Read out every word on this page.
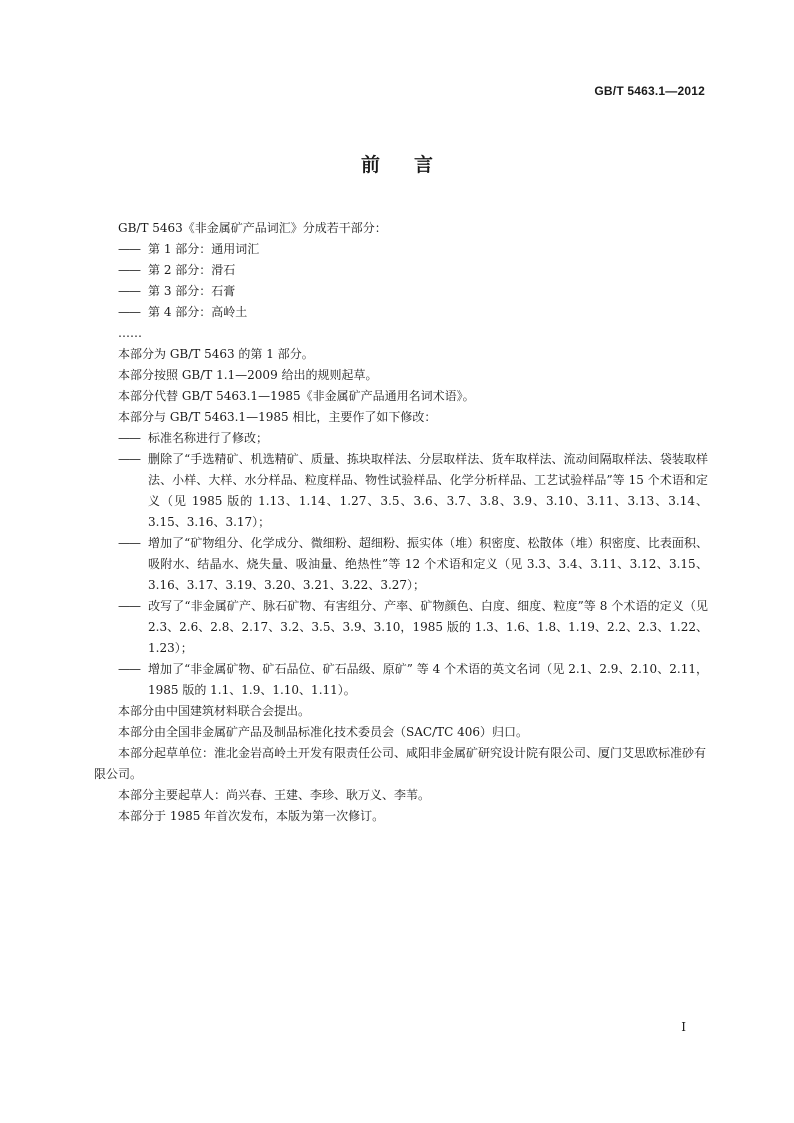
GB/T 5463.1—2012
前言

GB/T 5463《非金属矿产品词汇》分成若干部分：

—— 第 1 部分：通用词汇

—— 第 2 部分：滑石

—— 第 3 部分：石膏

—— 第 4 部分：高岭土

……

本部分为 GB/T 5463 的第 1 部分。

本部分按照 GB/T 1.1—2009 给出的规则起草。

本部分代替 GB/T 5463.1—1985《非金属矿产品通用名词术语》。

本部分与 GB/T 5463.1—1985 相比，主要作了如下修改：

—— 标准名称进行了修改；

—— 删除了“手选精矿、机选精矿、质量、拣块取样法、分层取样法、货车取样法、流动间隔取样法、袋装取样法、小样、大样、水分样品、粒度样品、物性试验样品、化学分析样品、工艺试验样品”等 15 个术语和定义（见 1985 版的 1.13、1.14、1.27、3.5、3.6、3.7、3.8、3.9、3.10、3.11、3.13、3.14、3.15、3.16、3.17）；

—— 增加了“矿物组分、化学成分、微细粉、超细粉、振实体（堆）积密度、松散体（堆）积密度、比表面积、吸附水、结晶水、烧失量、吸油量、绝热性”等 12 个术语和定义（见 3.3、3.4、3.11、3.12、3.15、3.16、3.17、3.19、3.20、3.21、3.22、3.27）；

—— 改写了“非金属矿产、脉石矿物、有害组分、产率、矿物颜色、白度、细度、粒度”等 8 个术语的定义（见 2.3、2.6、2.8、2.17、3.2、3.5、3.9、3.10，1985 版的 1.3、1.6、1.8、1.19、2.2、2.3、1.22、1.23）；

—— 增加了“非金属矿物、矿石品位、矿石品级、原矿” 等 4 个术语的英文名词（见 2.1、2.9、2.10、2.11，1985 版的 1.1、1.9、1.10、1.11）。

本部分由中国建筑材料联合会提出。

本部分由全国非金属矿产品及制品标准化技术委员会（SAC/TC 406）归口。

本部分起草单位：淮北金岩高岭土开发有限责任公司、咸阳非金属矿研究设计院有限公司、厦门艾思欧标准砂有限公司。

本部分主要起草人：尚兴春、王建、李珍、耿万义、李苇。

本部分于 1985 年首次发布，本版为第一次修订。

I
